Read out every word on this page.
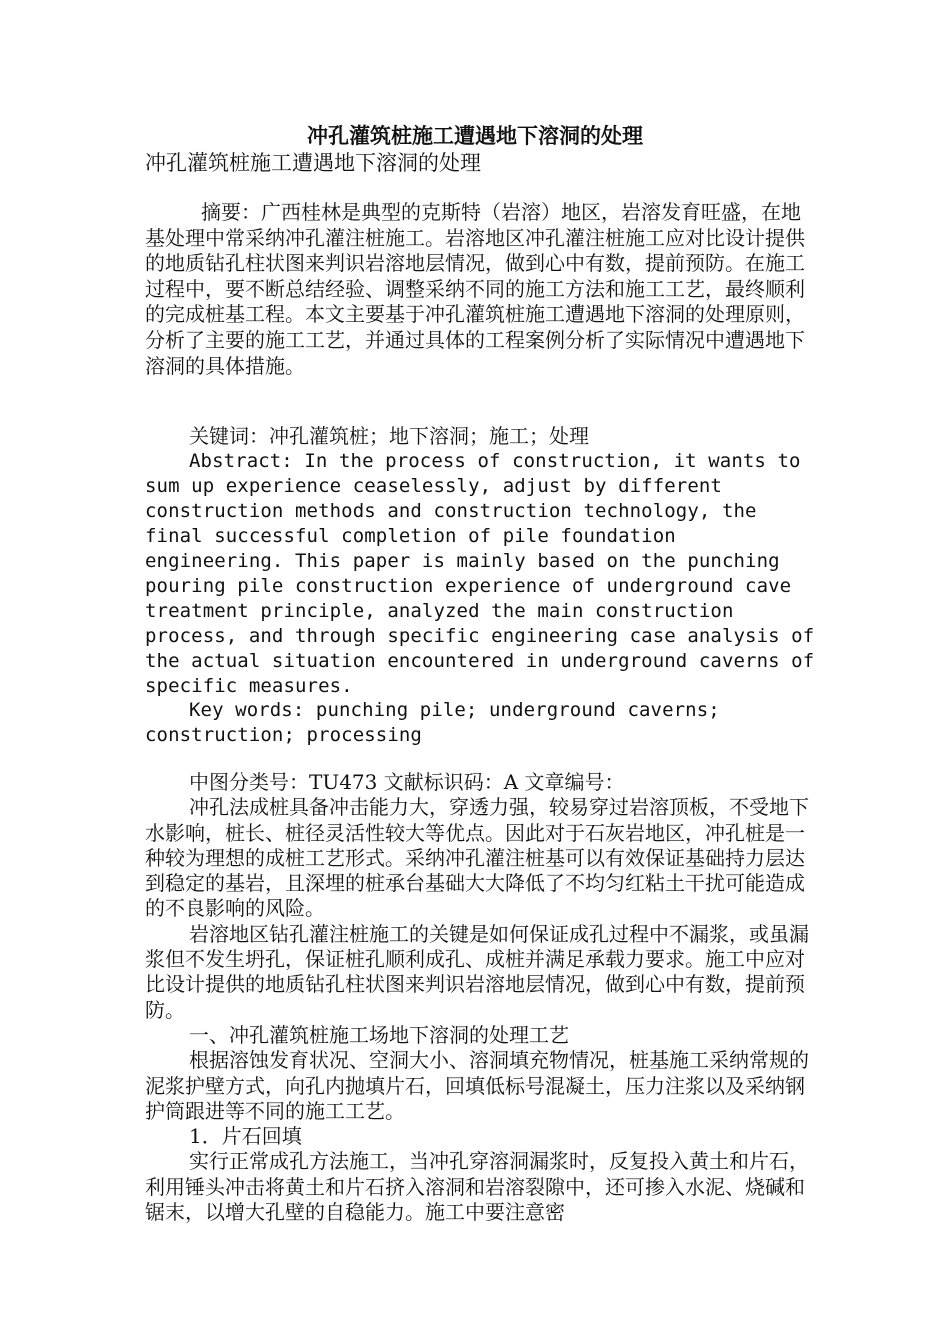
冲孔灌筑桩施工遭遇地下溶洞的处理

冲孔灌筑桩施工遭遇地下溶洞的处理

摘要：广西桂林是典型的克斯特（岩溶）地区，岩溶发育旺盛，在地基处理中常采纳冲孔灌注桩施工。岩溶地区冲孔灌注桩施工应对比设计提供的地质钻孔柱状图来判识岩溶地层情况，做到心中有数，提前预防。在施工过程中，要不断总结经验、调整采纳不同的施工方法和施工工艺，最终顺利的完成桩基工程。本文主要基于冲孔灌筑桩施工遭遇地下溶洞的处理原则，分析了主要的施工工艺，并通过具体的工程案例分析了实际情况中遭遇地下溶洞的具体措施。

关键词：冲孔灌筑桩；地下溶洞；施工；处理

Abstract: In the process of construction, it wants to sum up experience ceaselessly, adjust by different construction methods and construction technology, the final successful completion of pile foundation engineering. This paper is mainly based on the punching pouring pile construction experience of underground cave treatment principle, analyzed the main construction process, and through specific engineering case analysis of the actual situation encountered in underground caverns of specific measures.

Key words: punching pile; underground caverns; construction; processing

中图分类号：TU473 文献标识码：A 文章编号：

冲孔法成桩具备冲击能力大，穿透力强，较易穿过岩溶顶板，不受地下水影响，桩长、桩径灵活性较大等优点。因此对于石灰岩地区，冲孔桩是一种较为理想的成桩工艺形式。采纳冲孔灌注桩基可以有效保证基础持力层达到稳定的基岩，且深埋的桩承台基础大大降低了不均匀红粘土干扰可能造成的不良影响的风险。

岩溶地区钻孔灌注桩施工的关键是如何保证成孔过程中不漏浆，或虽漏浆但不发生坍孔，保证桩孔顺利成孔、成桩并满足承载力要求。施工中应对比设计提供的地质钻孔柱状图来判识岩溶地层情况，做到心中有数，提前预防。

一、冲孔灌筑桩施工场地下溶洞的处理工艺

根据溶蚀发育状况、空洞大小、溶洞填充物情况，桩基施工采纳常规的泥浆护壁方式，向孔内抛填片石，回填低标号混凝土，压力注浆以及采纳钢护筒跟进等不同的施工工艺。

1．片石回填

实行正常成孔方法施工，当冲孔穿溶洞漏浆时，反复投入黄土和片石，利用锤头冲击将黄土和片石挤入溶洞和岩溶裂隙中，还可掺入水泥、烧碱和锯末，以增大孔壁的自稳能力。施工中要注意密
